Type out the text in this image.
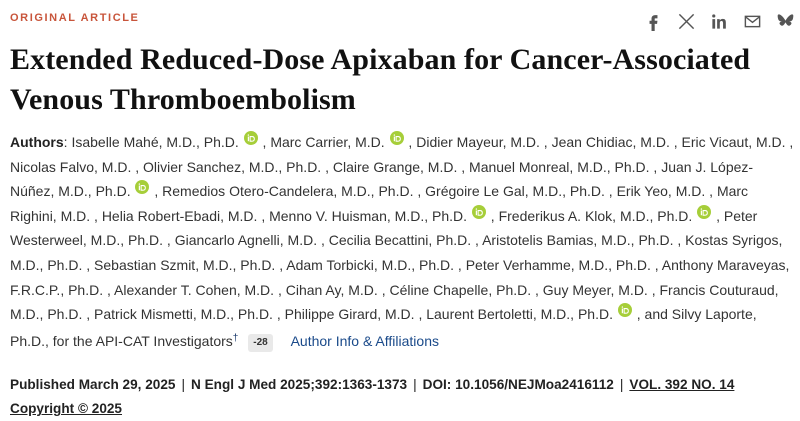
ORIGINAL ARTICLE
Extended Reduced-Dose Apixaban for Cancer-Associated Venous Thromboembolism
Authors: Isabelle Mahé, M.D., Ph.D.
, Marc Carrier, M.D.
, Didier Mayeur, M.D. , Jean Chidiac, M.D. , Eric Vicaut, M.D. , Nicolas Falvo, M.D. , Olivier Sanchez, M.D., Ph.D. , Claire Grange, M.D. , Manuel Monreal, M.D., Ph.D. , Juan J. López-Núñez, M.D., Ph.D.
, Remedios Otero-Candelera, M.D., Ph.D. , Grégoire Le Gal, M.D., Ph.D. , Erik Yeo, M.D. , Marc Righini, M.D. , Helia Robert-Ebadi, M.D. , Menno V. Huisman, M.D., Ph.D.
, Frederikus A. Klok, M.D., Ph.D.
, Peter Westerweel, M.D., Ph.D. , Giancarlo Agnelli, M.D. , Cecilia Becattini, Ph.D. , Aristotelis Bamias, M.D., Ph.D. , Kostas Syrigos, M.D., Ph.D. , Sebastian Szmit, M.D., Ph.D. , Adam Torbicki, M.D., Ph.D. , Peter Verhamme, M.D., Ph.D. , Anthony Maraveyas, F.R.C.P., Ph.D. , Alexander T. Cohen, M.D. , Cihan Ay, M.D. , Céline Chapelle, Ph.D. , Guy Meyer, M.D. , Francis Couturaud, M.D., Ph.D. , Patrick Mismetti, M.D., Ph.D. , Philippe Girard, M.D. , Laurent Bertoletti, M.D., Ph.D.
, and Silvy Laporte, Ph.D., for the API-CAT Investigators† -28 Author Info & Affiliations
Published March 29, 2025 | N Engl J Med 2025;392:1363-1373 | DOI: 10.1056/NEJMoa2416112 | VOL. 392 NO. 14
Copyright © 2025
